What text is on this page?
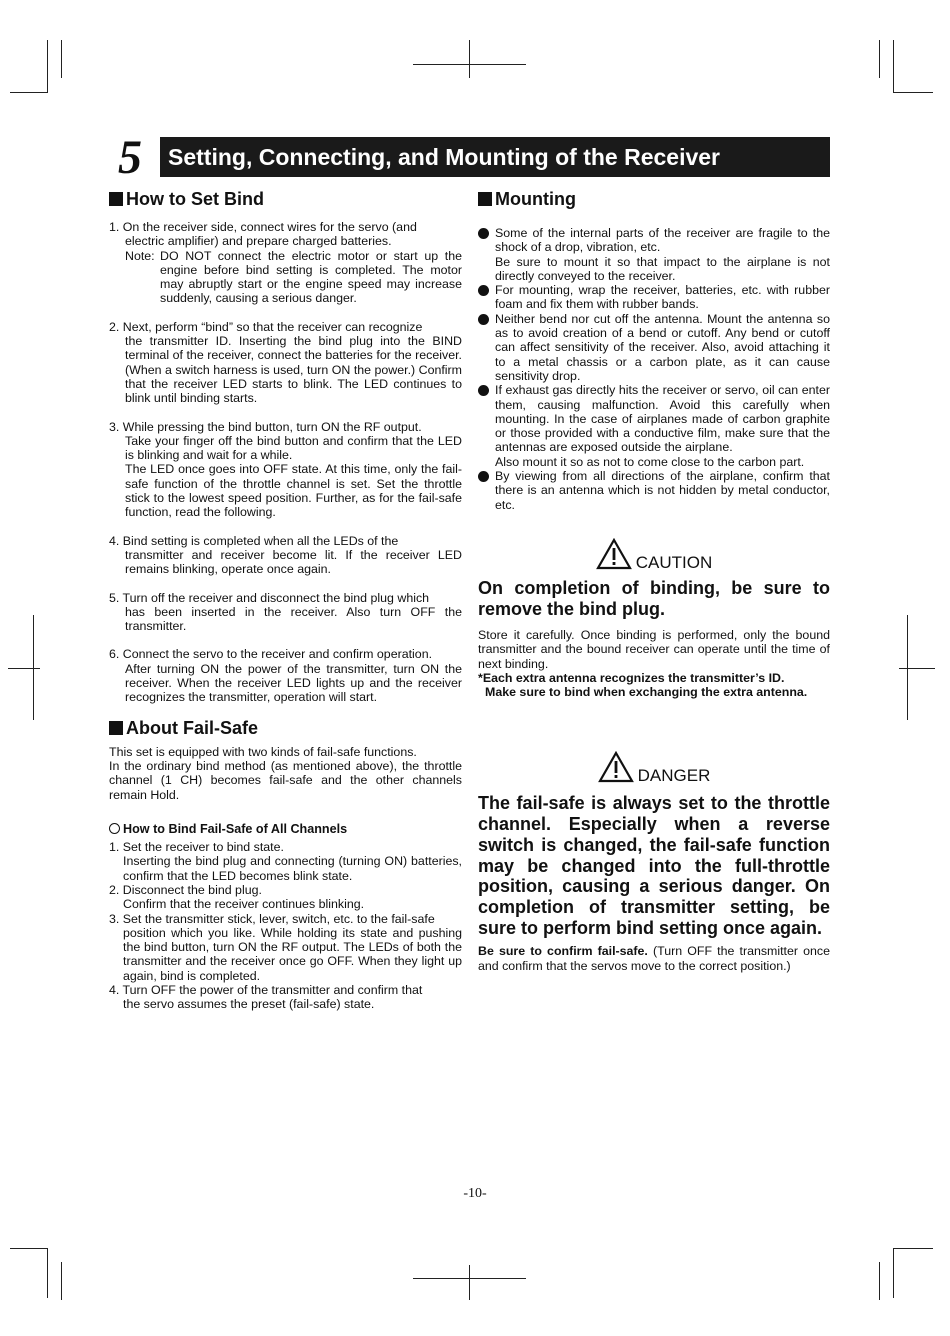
5	Setting, Connecting, and Mounting of the Receiver
How to Set Bind
1. On the receiver side, connect wires for the servo (and
electric amplifier) and prepare charged batteries.
Note: DO NOT connect the electric motor or start up the engine before bind setting is completed. The motor may abruptly start or the engine speed may increase suddenly, causing a serious danger.
2. Next, perform “bind” so that the receiver can recognize
the transmitter ID. Inserting the bind plug into the BIND terminal of the receiver, connect the batteries for the receiver. (When a switch harness is used, turn ON the power.) Confirm that the receiver LED starts to blink. The LED continues to blink until binding starts.
3. While pressing the bind button, turn ON the RF output.
Take your finger off the bind button and confirm that the LED is blinking and wait for a while.
The LED once goes into OFF state. At this time, only the fail-safe function of the throttle channel is set. Set the throttle stick to the lowest speed position. Further, as for the fail-safe function, read the following.
4. Bind setting is completed when all the LEDs of the
transmitter and receiver become lit. If the receiver LED remains blinking, operate once again.
5. Turn off the receiver and disconnect the bind plug which
has been inserted in the receiver. Also turn OFF the transmitter.
6. Connect the servo to the receiver and confirm operation.
After turning ON the power of the transmitter, turn ON the receiver. When the receiver LED lights up and the receiver recognizes the transmitter, operation will start.
About Fail-Safe

This set is equipped with two kinds of fail-safe functions.

In the ordinary bind method (as mentioned above), the throttle channel (1 CH) becomes fail-safe and the other channels remain Hold.

How to Bind Fail-Safe of All Channels
1. Set the receiver to bind state.
Inserting the bind plug and connecting (turning ON) batteries, confirm that the LED becomes blink state.
2. Disconnect the bind plug.
Confirm that the receiver continues blinking.
3. Set the transmitter stick, lever, switch, etc. to the fail-safe
position which you like. While holding its state and pushing the bind button, turn ON the RF output. The LEDs of both the transmitter and the receiver once go OFF. When they light up again, bind is completed.
4. Turn OFF the power of the transmitter and confirm that
the servo assumes the preset (fail-safe) state.
Mounting
Some of the internal parts of the receiver are fragile to the shock of a drop, vibration, etc.
Be sure to mount it so that impact to the airplane is not directly conveyed to the receiver.
For mounting, wrap the receiver, batteries, etc. with rubber foam and fix them with rubber bands.
Neither bend nor cut off the antenna. Mount the antenna so as to avoid creation of a bend or cutoff. Any bend or cutoff can affect sensitivity of the receiver. Also, avoid attaching it to a metal chassis or a carbon plate, as it can cause sensitivity drop.
If exhaust gas directly hits the receiver or servo, oil can enter them, causing malfunction. Avoid this carefully when mounting. In the case of airplanes made of carbon graphite or those provided with a conductive film, make sure that the antennas are exposed outside the airplane.
Also mount it so as not to come close to the carbon part.
By viewing from all directions of the airplane, confirm that there is an antenna which is not hidden by metal conductor, etc.
CAUTION
On completion of binding, be sure to remove the bind plug.

Store it carefully. Once binding is performed, only the bound transmitter and the bound receiver can operate until the time of next binding.

*Each extra antenna recognizes the transmitter’s ID.

Make sure to bind when exchanging the extra antenna.

DANGER
The fail-safe is always set to the throttle channel. Especially when a reverse switch is changed, the fail-safe function may be changed into the full-throttle position, causing a serious danger. On completion of transmitter setting, be sure to perform bind setting once again.

Be sure to confirm fail-safe. (Turn OFF the transmitter once and confirm that the servos move to the correct position.)

-10-
